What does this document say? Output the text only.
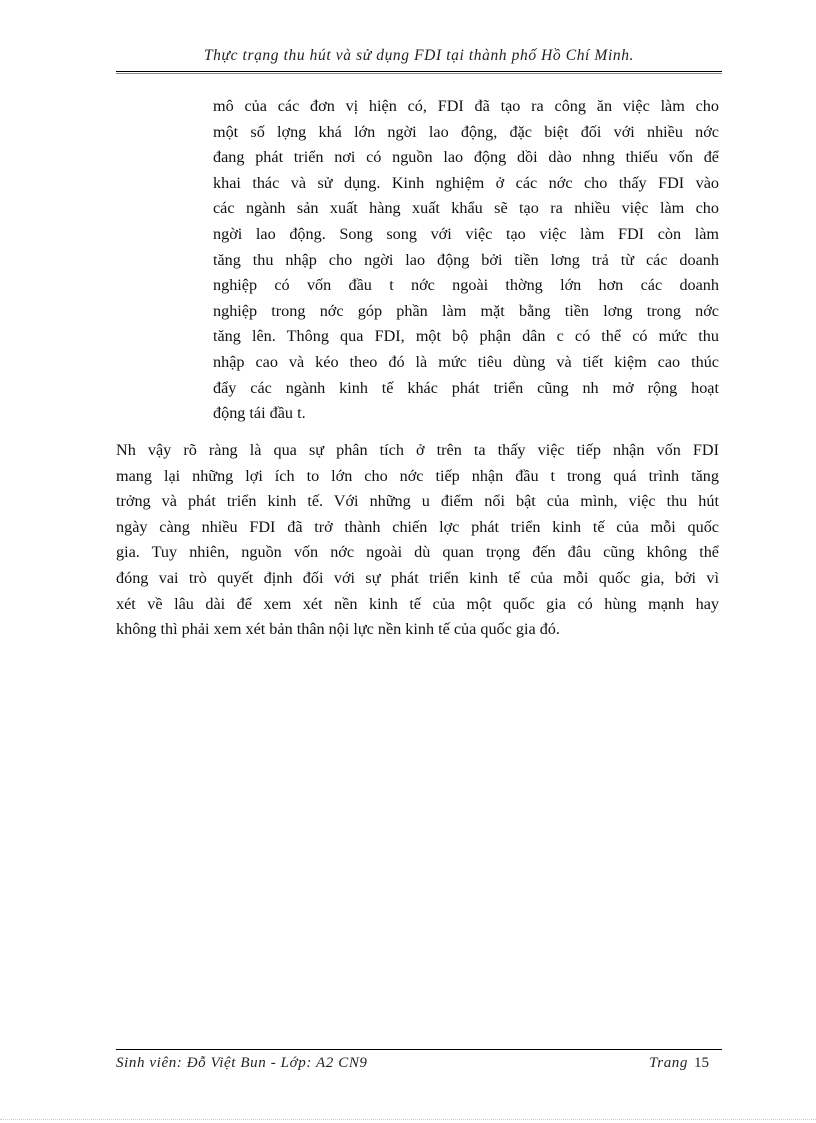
Thực trạng thu hút và sử dụng FDI tại thành phố Hồ Chí Minh.
mô của các đơn vị hiện có, FDI đã tạo ra công ăn việc làm cho
một số lợng khá lớn ngời lao động, đặc biệt đối với nhiều nớc
đang phát triển nơi có nguồn lao động dồi dào nhng thiếu vốn để
khai thác và sử dụng. Kinh nghiệm ở các nớc cho thấy FDI vào
các ngành sản xuất hàng xuất khẩu sẽ tạo ra nhiều việc làm cho
ngời lao động. Song song với việc tạo việc làm FDI còn làm
tăng thu nhập cho ngời lao động bởi tiền lơng trả từ các doanh
nghiệp có vốn đầu t nớc ngoài thờng lớn hơn các doanh
nghiệp trong nớc góp phần làm mặt bằng tiền lơng trong nớc
tăng lên. Thông qua FDI, một bộ phận dân c có thể có mức thu
nhập cao và kéo theo đó là mức tiêu dùng và tiết kiệm cao thúc
đẩy các ngành kinh tế khác phát triển cũng nh mở rộng hoạt
động tái đầu t.
Nh vậy rõ ràng là qua sự phân tích ở trên ta thấy việc tiếp nhận vốn FDI
mang lại những lợi ích to lớn cho nớc tiếp nhận đầu t trong quá trình tăng
trởng và phát triển kinh tế. Với những u điểm nổi bật của mình, việc thu hút
ngày càng nhiều FDI đã trở thành chiến lợc phát triển kinh tế của mỗi quốc
gia. Tuy nhiên, nguồn vốn nớc ngoài dù quan trọng đến đâu cũng không thể
đóng vai trò quyết định đối với sự phát triển kinh tế của mỗi quốc gia, bởi vì
xét về lâu dài để xem xét nền kinh tế của một quốc gia có hùng mạnh hay
không thì phải xem xét bản thân nội lực nền kinh tế của quốc gia đó.
Sinh viên: Đỗ Việt Bun - Lớp: A2 CN9	Trang 15
